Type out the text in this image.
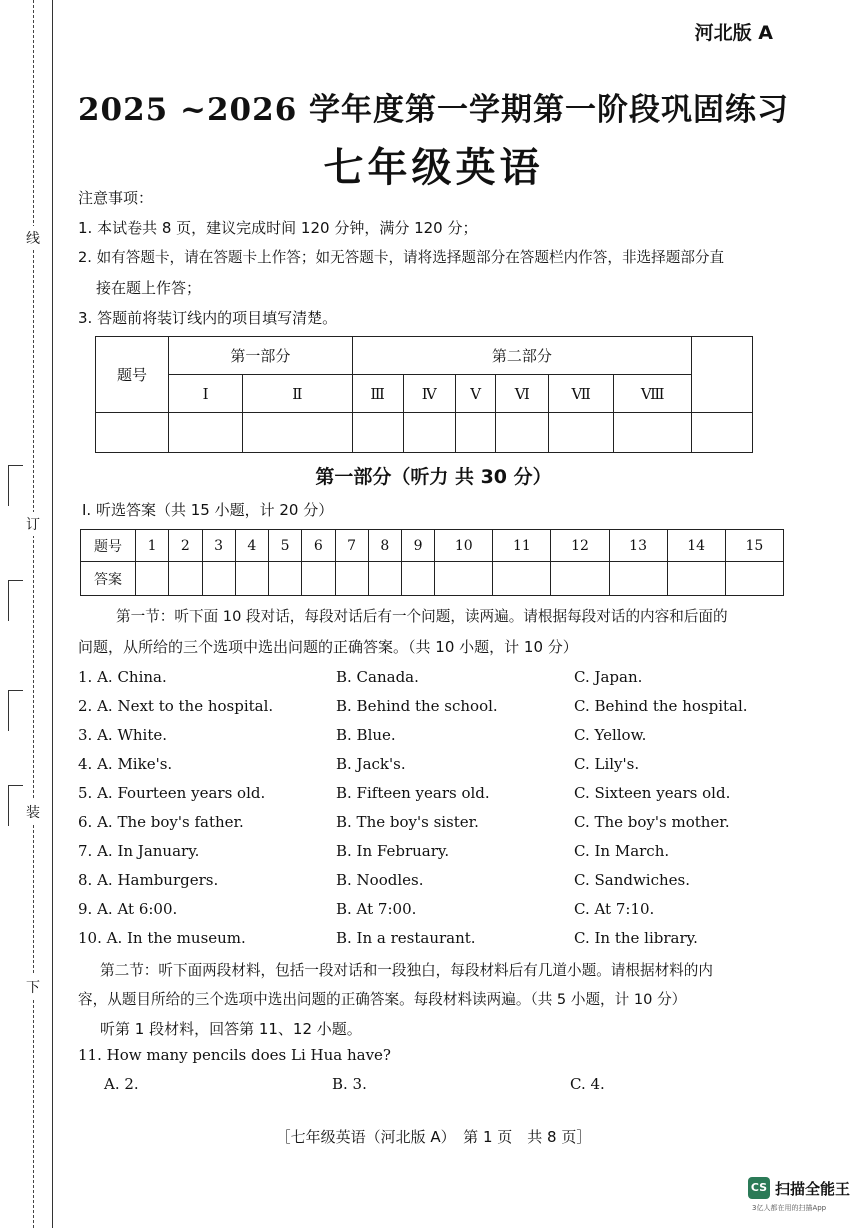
线
订
装
下
河北版 A
2025 ~2026 学年度第一学期第一阶段巩固练习
七年级英语
注意事项：
1. 本试卷共 8 页，建议完成时间 120 分钟，满分 120 分；
2. 如有答题卡，请在答题卡上作答；如无答题卡，请将选择题部分在答题栏内作答，非选择题部分直
接在题上作答；
3. 答题前将装订线内的项目填写清楚。
题号	第一部分		第二部分						
	Ⅰ	Ⅱ	Ⅲ	Ⅳ	Ⅴ	Ⅵ	Ⅶ	Ⅷ	

第一部分（听力 共 30 分）
Ⅰ. 听选答案（共 15 小题，计 20 分）
题号	1	2	3	4	5	6	7	8	9	10	11	12	13	14	15
答案															
第一节：听下面 10 段对话，每段对话后有一个问题，读两遍。请根据每段对话的内容和后面的
问题，从所给的三个选项中选出问题的正确答案。（共 10 小题，计 10 分）
1. A. China.	B. Canada.	C. Japan.
2. A. Next to the hospital.	B. Behind the school.	C. Behind the hospital.
3. A. White.	B. Blue.	C. Yellow.
4. A. Mike's.	B. Jack's.	C. Lily's.
5. A. Fourteen years old.	B. Fifteen years old.	C. Sixteen years old.
6. A. The boy's father.	B. The boy's sister.	C. The boy's mother.
7. A. In January.	B. In February.	C. In March.
8. A. Hamburgers.	B. Noodles.	C. Sandwiches.
9. A. At 6:00.	B. At 7:00.	C. At 7:10.
10. A. In the museum.	B. In a restaurant.	C. In the library.
第二节：听下面两段材料，包括一段对话和一段独白，每段材料后有几道小题。请根据材料的内
容，从题目所给的三个选项中选出问题的正确答案。每段材料读两遍。（共 5 小题，计 10 分）
听第 1 段材料，回答第 11、12 小题。
11. How many pencils does Li Hua have?
A. 2.	B. 3.	C. 4.
［七年级英语（河北版 A）　第 1 页　共 8 页］
CS 扫描全能王
3亿人都在用的扫描App
